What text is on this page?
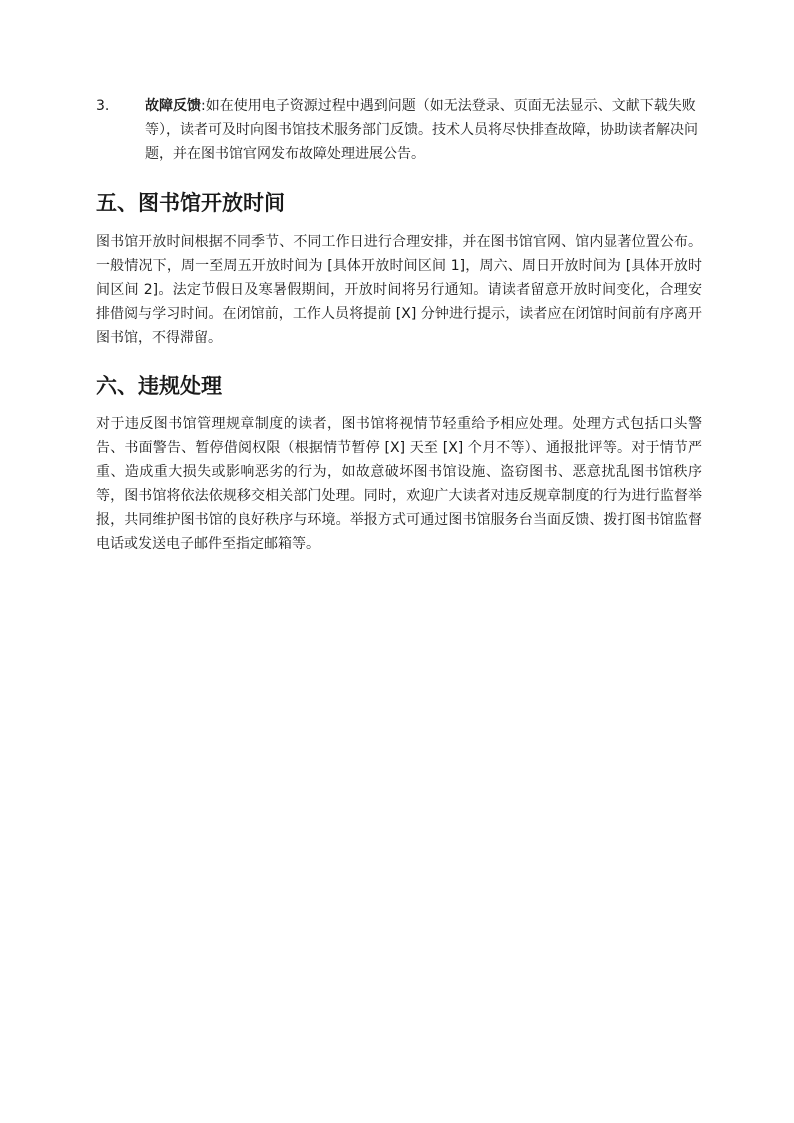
3.	故障反馈:如在使用电子资源过程中遇到问题（如无法登录、页面无法显示、文献下载失败等），读者可及时向图书馆技术服务部门反馈。技术人员将尽快排查故障，协助读者解决问题，并在图书馆官网发布故障处理进展公告。
五、图书馆开放时间

图书馆开放时间根据不同季节、不同工作日进行合理安排，并在图书馆官网、馆内显著位置公布。一般情况下，周一至周五开放时间为 [具体开放时间区间 1]，周六、周日开放时间为 [具体开放时间区间 2]。法定节假日及寒暑假期间，开放时间将另行通知。请读者留意开放时间变化，合理安排借阅与学习时间。在闭馆前，工作人员将提前 [X] 分钟进行提示，读者应在闭馆时间前有序离开图书馆，不得滞留。

六、违规处理

对于违反图书馆管理规章制度的读者，图书馆将视情节轻重给予相应处理。处理方式包括口头警告、书面警告、暂停借阅权限（根据情节暂停 [X] 天至 [X] 个月不等）、通报批评等。对于情节严重、造成重大损失或影响恶劣的行为，如故意破坏图书馆设施、盗窃图书、恶意扰乱图书馆秩序等，图书馆将依法依规移交相关部门处理。同时，欢迎广大读者对违反规章制度的行为进行监督举报，共同维护图书馆的良好秩序与环境。举报方式可通过图书馆服务台当面反馈、拨打图书馆监督电话或发送电子邮件至指定邮箱等。
